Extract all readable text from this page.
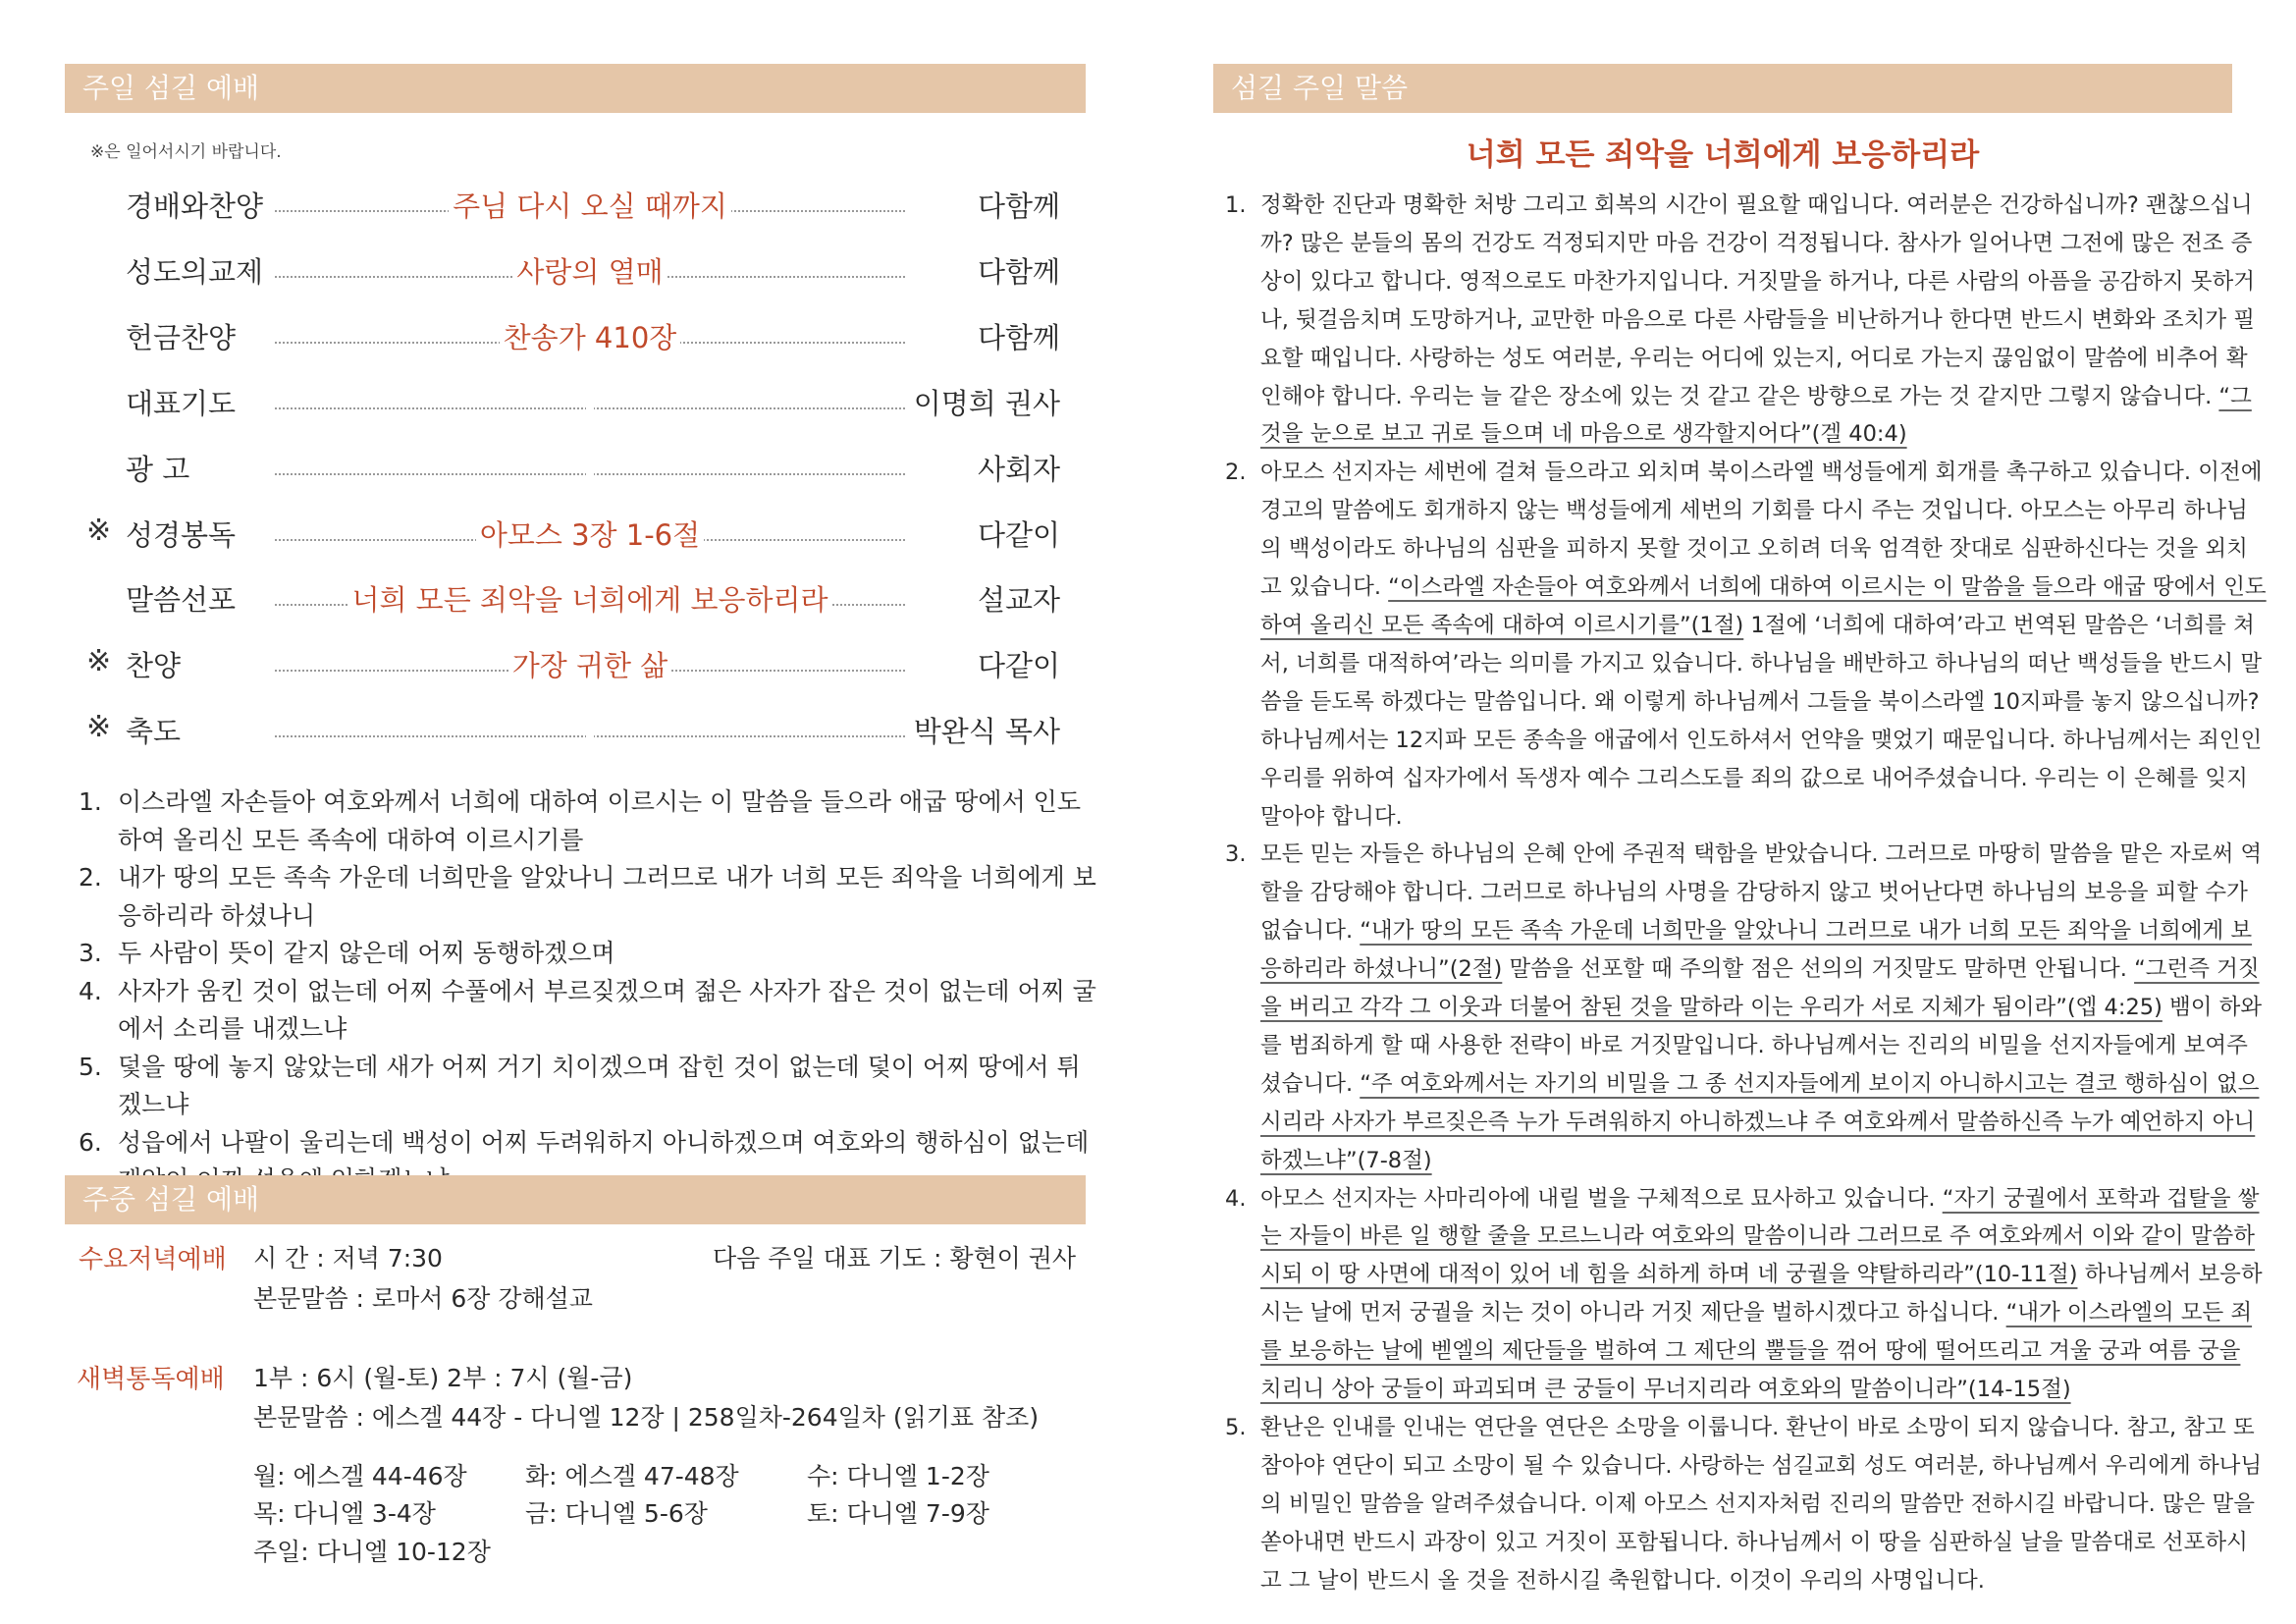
주일 섬길 예배
※은 일어서시기 바랍니다.
경배와찬양	주님 다시 오실 때까지	다함께
성도의교제	사랑의 열매	다함께
헌금찬양	찬송가 410장	다함께
대표기도	이명희 권사
광 고	사회자
※ 성경봉독	아모스 3장 1-6절	다같이
말씀선포	너희 모든 죄악을 너희에게 보응하리라	설교자
※ 찬양	가장 귀한 삶	다같이
※ 축도	박완식 목사
1. 이스라엘 자손들아 여호와께서 너희에 대하여 이르시는 이 말씀을 들으라 애굽 땅에서 인도하여 올리신 모든 족속에 대하여 이르시기를
2. 내가 땅의 모든 족속 가운데 너희만을 알았나니 그러므로 내가 너희 모든 죄악을 너희에게 보응하리라 하셨나니
3. 두 사람이 뜻이 같지 않은데 어찌 동행하겠으며
4. 사자가 움킨 것이 없는데 어찌 수풀에서 부르짖겠으며 젊은 사자가 잡은 것이 없는데 어찌 굴에서 소리를 내겠느냐
5. 덫을 땅에 놓지 않았는데 새가 어찌 거기 치이겠으며 잡힌 것이 없는데 덫이 어찌 땅에서 튀겠느냐
6. 성읍에서 나팔이 울리는데 백성이 어찌 두려워하지 아니하겠으며 여호와의 행하심이 없는데
주중 섬길 예배
수요저녁예배 시 간 : 저녁 7:30	다음 주일 대표 기도 : 황현이 권사
본문말씀 : 로마서 6장 강해설교
새벽통독예배 1부 : 6시 (월-토) 2부 : 7시 (월-금)
본문말씀 : 에스겔 44장 - 다니엘 12장 | 258일차-264일차 (읽기표 참조)
월: 에스겔 44-46장 화: 에스겔 47-48장	수: 다니엘 1-2장
목: 다니엘 3-4장	금: 다니엘 5-6장	토: 다니엘 7-9장
주일: 다니엘 10-12장
섬길 주일 말씀
너희 모든 죄악을 너희에게 보응하리라
1. 정확한 진단과 명확한 처방 그리고 회복의 시간이 필요할 때입니다. 여러분은 건강하십니까? 괜찮으십니까? 많은 분들의 몸의 건강도 걱정되지만 마음 건강이 걱정됩니다. 참사가 일어나면 그전에 많은 전조 증상이 있다고 합니다. 영적으로도 마찬가지입니다. 거짓말을 하거나, 다른 사람의 아픔을 공감하지 못하거나, 뒷걸음치며 도망하거나, 교만한 마음으로 다른 사람들을 비난하거나 한다면 반드시 변화와 조치가 필요할 때입니다. 사랑하는 성도 여러분, 우리는 어디에 있는지, 어디로 가는지 끊임없이 말씀에 비추어 확인해야 합니다. 우리는 늘 같은 장소에 있는 것 같고 같은 방향으로 가는 것 같지만 그렇지 않습니다. “그것을 눈으로 보고 귀로 들으며 네 마음으로 생각할지어다”(겔 40:4)
2. 아모스 선지자는 세번에 걸쳐 들으라고 외치며 북이스라엘 백성들에게 회개를 촉구하고 있습니다. 이전에 경고의 말씀에도 회개하지 않는 백성들에게 세번의 기회를 다시 주는 것입니다. 아모스는 아무리 하나님의 백성이라도 하나님의 심판을 피하지 못할 것이고 오히려 더욱 엄격한 잣대로 심판하신다는 것을 외치고 있습니다. “이스라엘 자손들아 여호와께서 너희에 대하여 이르시는 이 말씀을 들으라 애굽 땅에서 인도하여 올리신 모든 족속에 대하여 이르시기를”(1절) 1절에 ‘너희에 대하여’라고 번역된 말씀은 ‘너희를 쳐서, 너희를 대적하여’라는 의미를 가지고 있습니다. 하나님을 배반하고 하나님의 떠난 백성들을 반드시 말씀을 듣도록 하겠다는 말씀입니다. 왜 이렇게 하나님께서 그들을 북이스라엘 10지파를 놓지 않으십니까? 하나님께서는 12지파 모든 종속을 애굽에서 인도하셔서 언약을 맺었기 때문입니다. 하나님께서는 죄인인 우리를 위하여 십자가에서 독생자 예수 그리스도를 죄의 값으로 내어주셨습니다. 우리는 이 은혜를 잊지 말아야 합니다.
3. 모든 믿는 자들은 하나님의 은혜 안에 주권적 택함을 받았습니다. 그러므로 마땅히 말씀을 맡은 자로써 역할을 감당해야 합니다. 그러므로 하나님의 사명을 감당하지 않고 벗어난다면 하나님의 보응을 피할 수가 없습니다. “내가 땅의 모든 족속 가운데 너희만을 알았나니 그러므로 내가 너희 모든 죄악을 너희에게 보응하리라 하셨나니”(2절) 말씀을 선포할 때 주의할 점은 선의의 거짓말도 말하면 안됩니다. “그런즉 거짓을 버리고 각각 그 이웃과 더불어 참된 것을 말하라 이는 우리가 서로 지체가 됨이라”(엡 4:25) 뱀이 하와를 범죄하게 할 때 사용한 전략이 바로 거짓말입니다. 하나님께서는 진리의 비밀을 선지자들에게 보여주셨습니다. “주 여호와께서는 자기의 비밀을 그 종 선지자들에게 보이지 아니하시고는 결코 행하심이 없으시리라 사자가 부르짖은즉 누가 두려워하지 아니하겠느냐 주 여호와께서 말씀하신즉 누가 예언하지 아니하겠느냐”(7-8절)
4. 아모스 선지자는 사마리아에 내릴 벌을 구체적으로 묘사하고 있습니다. “자기 궁궐에서 포학과 겁탈을 쌓는 자들이 바른 일 행할 줄을 모르느니라 여호와의 말씀이니라 그러므로 주 여호와께서 이와 같이 말씀하시되 이 땅 사면에 대적이 있어 네 힘을 쇠하게 하며 네 궁궐을 약탈하리라”(10-11절) 하나님께서 보응하시는 날에 먼저 궁궐을 치는 것이 아니라 거짓 제단을 벌하시겠다고 하십니다. “내가 이스라엘의 모든 죄를 보응하는 날에 벧엘의 제단들을 벌하여 그 제단의 뿔들을 꺾어 땅에 떨어뜨리고 겨울 궁과 여름 궁을 치리니 상아 궁들이 파괴되며 큰 궁들이 무너지리라 여호와의 말씀이니라”(14-15절)
5. 환난은 인내를 인내는 연단을 연단은 소망을 이룹니다. 환난이 바로 소망이 되지 않습니다. 참고, 참고 또 참아야 연단이 되고 소망이 될 수 있습니다. 사랑하는 섬길교회 성도 여러분, 하나님께서 우리에게 하나님의 비밀인 말씀을 알려주셨습니다. 이제 아모스 선지자처럼 진리의 말씀만 전하시길 바랍니다. 많은 말을 쏟아내면 반드시 과장이 있고 거짓이 포함됩니다. 하나님께서 이 땅을 심판하실 날을 말씀대로 선포하시고 그 날이 반드시 올 것을 전하시길 축원합니다. 이것이 우리의 사명입니다.
